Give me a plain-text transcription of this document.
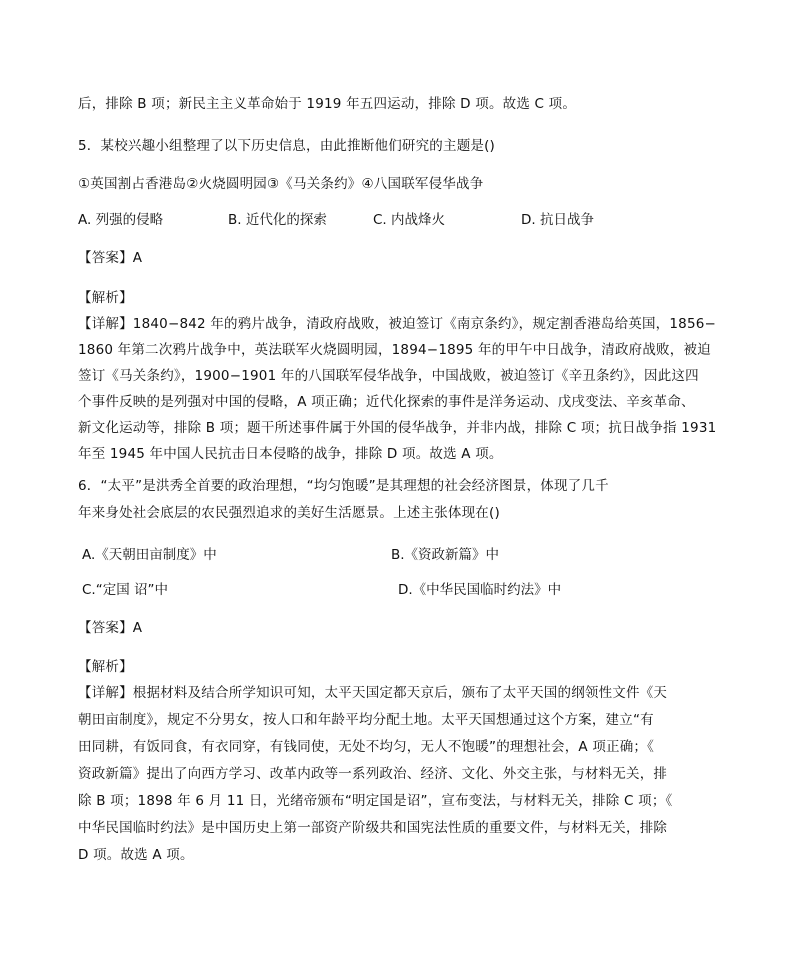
后，排除 B 项；新民主主义革命始于 1919 年五四运动，排除 D 项。故选 C 项。
5．某校兴趣小组整理了以下历史信息，由此推断他们研究的主题是()
①英国割占香港岛②火烧圆明园③《马关条约》④八国联军侵华战争
A. 列强的侵略	B. 近代化的探索	C. 内战烽火	D. 抗日战争
【答案】A
【解析】
【详解】1840−842 年的鸦片战争，清政府战败，被迫签订《南京条约》，规定割香港岛给英国，1856−
1860 年第二次鸦片战争中，英法联军火烧圆明园，1894−1895 年的甲午中日战争，清政府战败，被迫
签订《马关条约》，1900−1901 年的八国联军侵华战争，中国战败，被迫签订《辛丑条约》，因此这四
个事件反映的是列强对中国的侵略，A 项正确；近代化探索的事件是洋务运动、戊戌变法、辛亥革命、
新文化运动等，排除 B 项；题干所述事件属于外国的侵华战争，并非内战，排除 C 项；抗日战争指 1931
年至 1945 年中国人民抗击日本侵略的战争，排除 D 项。故选 A 项。
6．“太平”是洪秀全首要的政治理想，“均匀饱暖”是其理想的社会经济图景，体现了几千
年来身处社会底层的农民强烈追求的美好生活愿景。上述主张体现在()
A.《天朝田亩制度》中	B.《资政新篇》中
C.“定国 诏”中	D.《中华民国临时约法》中
【答案】A
【解析】
【详解】根据材料及结合所学知识可知，太平天国定都天京后，颁布了太平天国的纲领性文件《天
朝田亩制度》，规定不分男女，按人口和年龄平均分配土地。太平天国想通过这个方案，建立“有
田同耕，有饭同食，有衣同穿，有钱同使，无处不均匀，无人不饱暖”的理想社会，A 项正确；《
资政新篇》提出了向西方学习、改革内政等一系列政治、经济、文化、外交主张，与材料无关，排
除 B 项；1898 年 6 月 11 日，光绪帝颁布“明定国是诏”，宣布变法，与材料无关，排除 C 项；《
中华民国临时约法》是中国历史上第一部资产阶级共和国宪法性质的重要文件，与材料无关，排除
D 项。故选 A 项。
